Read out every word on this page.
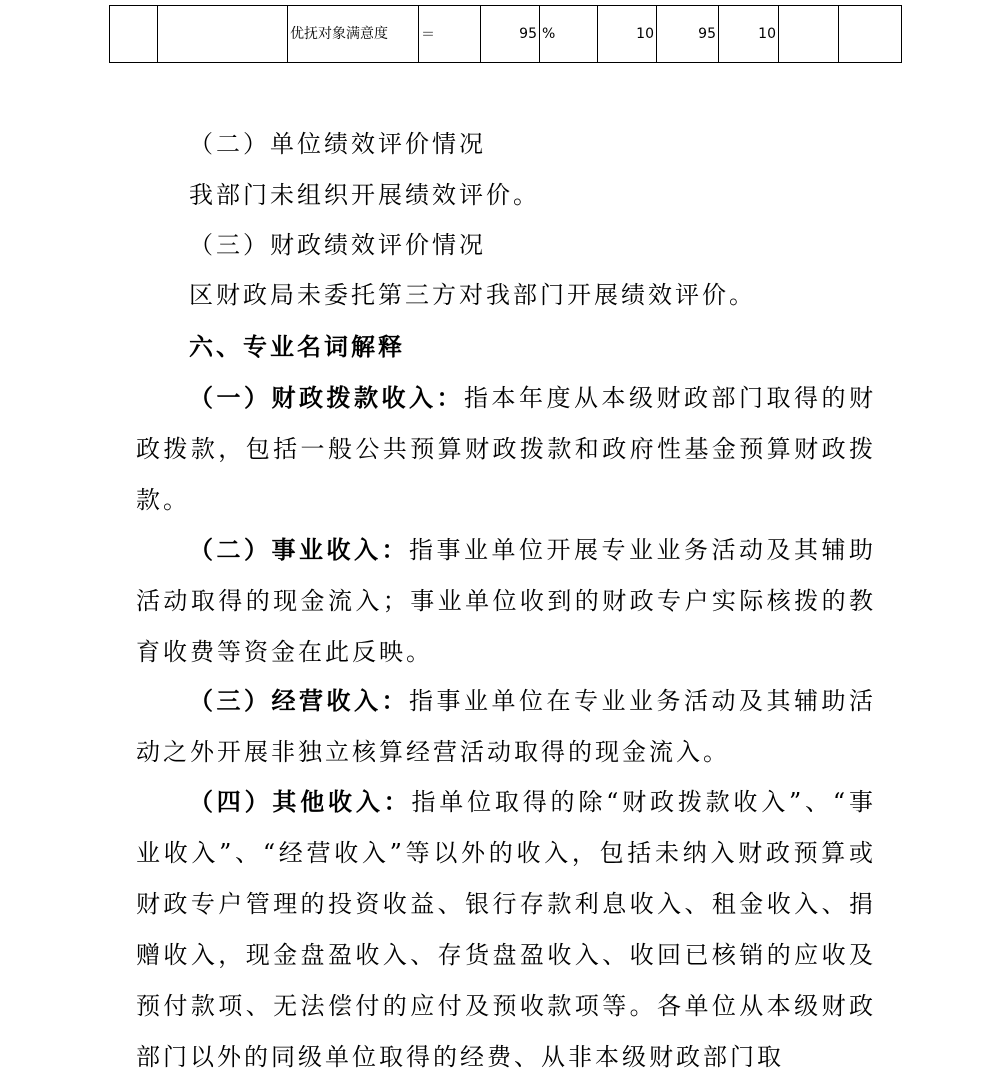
		优抚对象满意度	＝	95	%	10	95	10		

（二）单位绩效评价情况

我部门未组织开展绩效评价。

（三）财政绩效评价情况

区财政局未委托第三方对我部门开展绩效评价。

六、专业名词解释

（一）财政拨款收入：指本年度从本级财政部门取得的财政拨款，包括一般公共预算财政拨款和政府性基金预算财政拨款。

（二）事业收入：指事业单位开展专业业务活动及其辅助活动取得的现金流入；事业单位收到的财政专户实际核拨的教育收费等资金在此反映。

（三）经营收入：指事业单位在专业业务活动及其辅助活动之外开展非独立核算经营活动取得的现金流入。

（四）其他收入：指单位取得的除“财政拨款收入”、“事业收入”、“经营收入”等以外的收入，包括未纳入财政预算或财政专户管理的投资收益、银行存款利息收入、租金收入、捐赠收入，现金盘盈收入、存货盘盈收入、收回已核销的应收及预付款项、无法偿付的应付及预收款项等。各单位从本级财政部门以外的同级单位取得的经费、从非本级财政部门取
